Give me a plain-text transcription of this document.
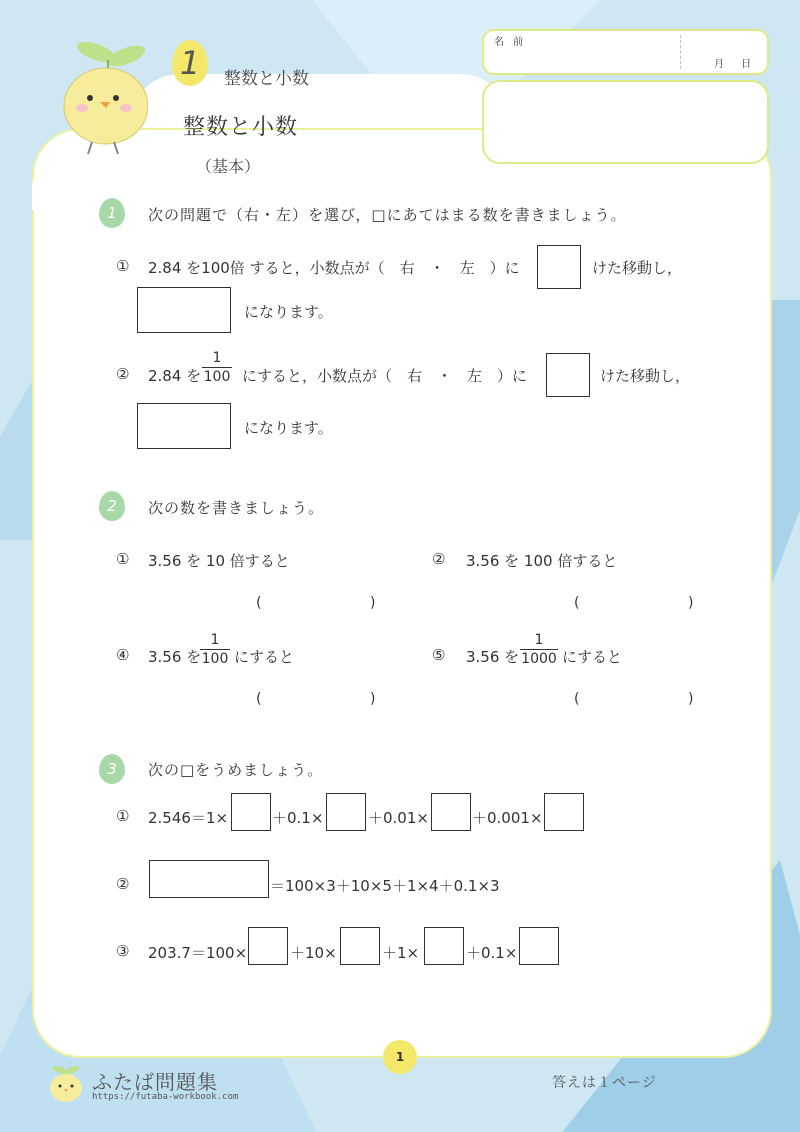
1	整数と小数
整数と小数
（基本）
名 前
月 日
1	次の問題で（右・左）を選び，□にあてはまる数を書きましょう。
① 2.84 を100倍 すると，小数点が（　右　・　左　）に	けた移動し，
になります。
② 2.84 を
1
100 にすると，小数点が（　右　・　左　）に	けた移動し，
になります。
2	次の数を書きましょう。
① 3.56 を 10 倍すると
(	)
② 3.56 を 100 倍すると
(	)
④ 3.56 を
1
100 にすると
(	)
⑤ 3.56 を
1
1000 にすると
(	)
3	次の□をうめましょう。
① 2.546＝1×	＋0.1×	＋0.01×	＋0.001×
②	＝100×3＋10×5＋1×4＋0.1×3
③ 203.7＝100×	＋10×	＋1×	＋0.1×
1
ふたば問題集
https://futaba-workbook.com
答えは１ページ
